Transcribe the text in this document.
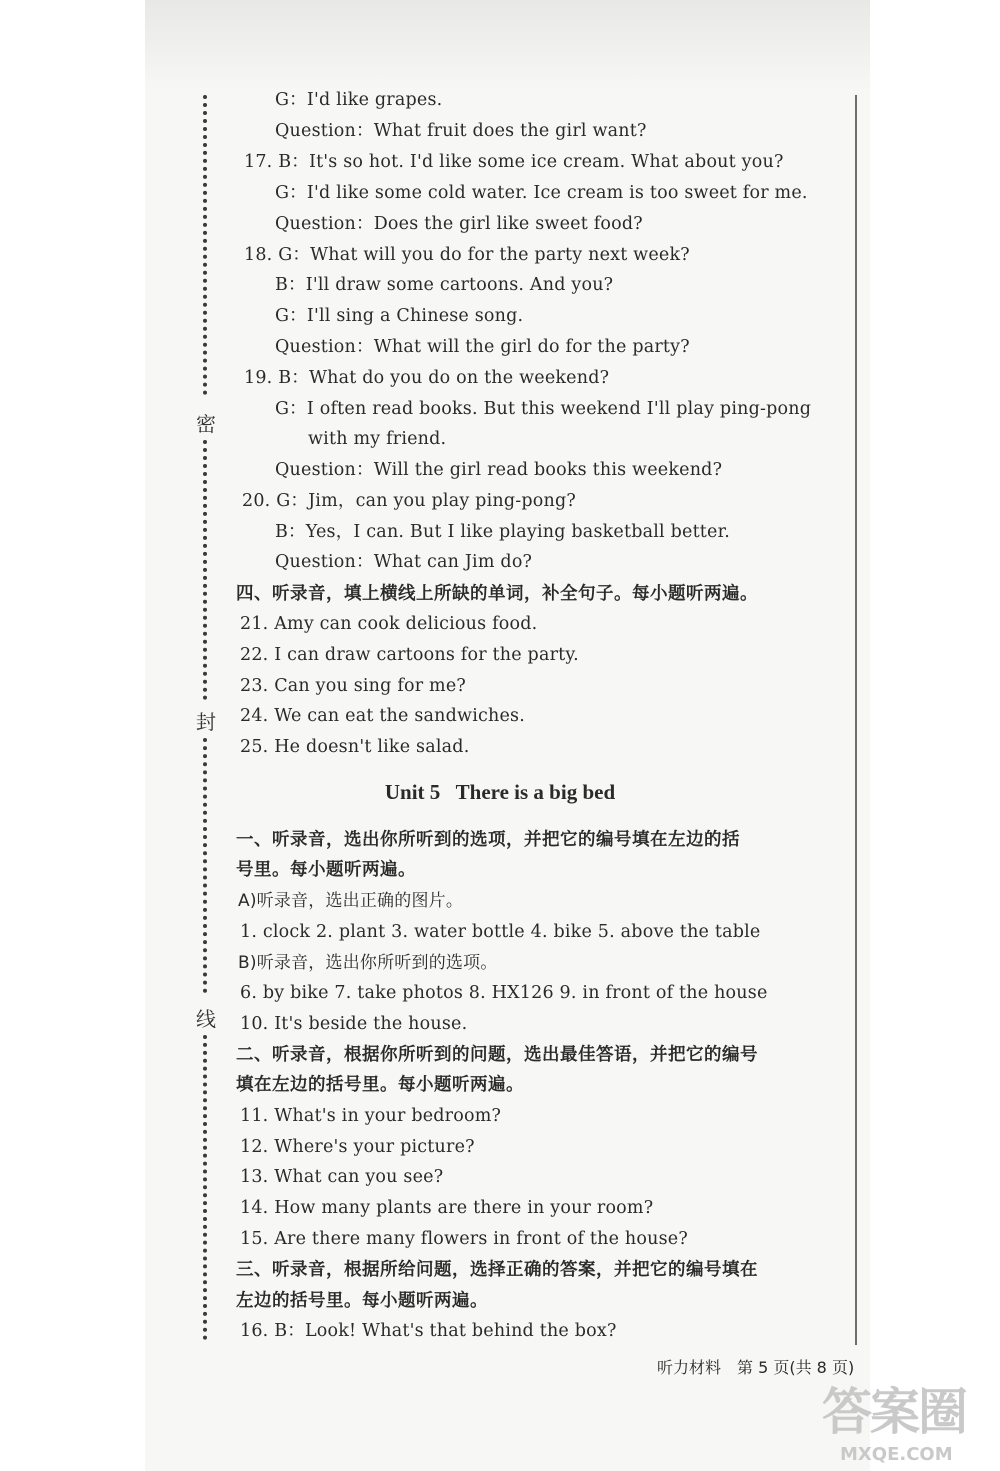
密
封
线
G：I'd like grapes.
Question：What fruit does the girl want?
17. B：It's so hot. I'd like some ice cream. What about you?
G：I'd like some cold water. Ice cream is too sweet for me.
Question：Does the girl like sweet food?
18. G：What will you do for the party next week?
B：I'll draw some cartoons. And you?
G：I'll sing a Chinese song.
Question：What will the girl do for the party?
19. B：What do you do on the weekend?
G：I often read books. But this weekend I'll play ping-pong
with my friend.
Question：Will the girl read books this weekend?
20. G：Jim，can you play ping-pong?
B：Yes，I can. But I like playing basketball better.
Question：What can Jim do?
四、听录音，填上横线上所缺的单词，补全句子。每小题听两遍。
21. Amy can cook delicious food.
22. I can draw cartoons for the party.
23. Can you sing for me?
24. We can eat the sandwiches.
25. He doesn't like salad.
Unit 5   There is a big bed
一、听录音，选出你所听到的选项，并把它的编号填在左边的括
号里。每小题听两遍。
A)听录音，选出正确的图片。
1. clock 2. plant 3. water bottle 4. bike 5. above the table
B)听录音，选出你所听到的选项。
6. by bike 7. take photos 8. HX126 9. in front of the house
10. It's beside the house.
二、听录音，根据你所听到的问题，选出最佳答语，并把它的编号
填在左边的括号里。每小题听两遍。
11. What's in your bedroom?
12. Where's your picture?
13. What can you see?
14. How many plants are there in your room?
15. Are there many flowers in front of the house?
三、听录音，根据所给问题，选择正确的答案，并把它的编号填在
左边的括号里。每小题听两遍。
16. B：Look! What's that behind the box?
听力材料　第 5 页(共 8 页)
答案圈
MXQE.COM
